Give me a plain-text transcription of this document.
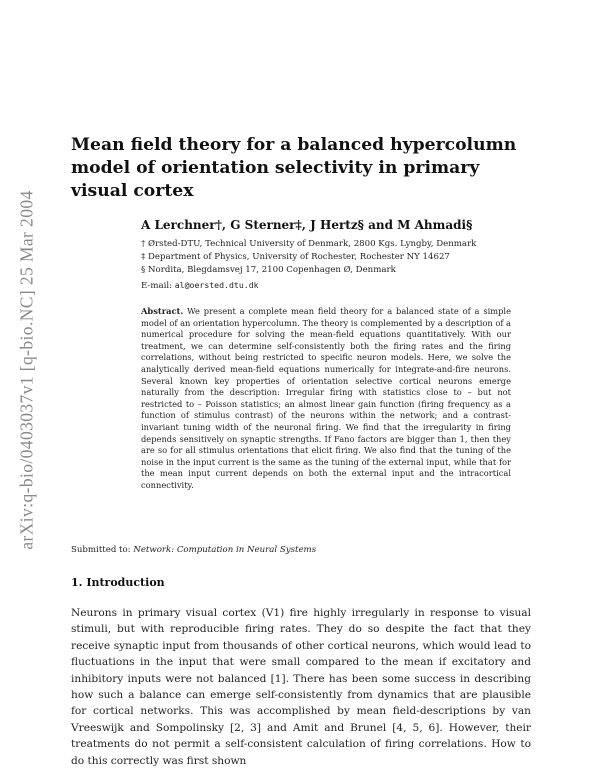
arXiv:q-bio/0403037v1 [q-bio.NC] 25 Mar 2004
Mean field theory for a balanced hypercolumn model of orientation selectivity in primary visual cortex

A Lerchner†, G Sterner‡, J Hertz§ and M Ahmadi§

† Ørsted-DTU, Technical University of Denmark, 2800 Kgs. Lyngby, Denmark

‡ Department of Physics, University of Rochester, Rochester NY 14627

§ Nordita, Blegdamsvej 17, 2100 Copenhagen Ø, Denmark

E-mail: al@oersted.dtu.dk

Abstract. We present a complete mean field theory for a balanced state of a simple model of an orientation hypercolumn. The theory is complemented by a description of a numerical procedure for solving the mean-field equations quantitatively. With our treatment, we can determine self-consistently both the firing rates and the firing correlations, without being restricted to specific neuron models. Here, we solve the analytically derived mean-field equations numerically for integrate-and-fire neurons. Several known key properties of orientation selective cortical neurons emerge naturally from the description: Irregular firing with statistics close to – but not restricted to – Poisson statistics; an almost linear gain function (firing frequency as a function of stimulus contrast) of the neurons within the network; and a contrast-invariant tuning width of the neuronal firing. We find that the irregularity in firing depends sensitively on synaptic strengths. If Fano factors are bigger than 1, then they are so for all stimulus orientations that elicit firing. We also find that the tuning of the noise in the input current is the same as the tuning of the external input, while that for the mean input current depends on both the external input and the intracortical connectivity.

Submitted to: Network: Computation in Neural Systems

1. Introduction

Neurons in primary visual cortex (V1) fire highly irregularly in response to visual stimuli, but with reproducible firing rates. They do so despite the fact that they receive synaptic input from thousands of other cortical neurons, which would lead to fluctuations in the input that were small compared to the mean if excitatory and inhibitory inputs were not balanced [1]. There has been some success in describing how such a balance can emerge self-consistently from dynamics that are plausible for cortical networks. This was accomplished by mean field-descriptions by van Vreeswijk and Sompolinsky [2, 3] and Amit and Brunel [4, 5, 6]. However, their treatments do not permit a self-consistent calculation of firing correlations. How to do this correctly was first shown
